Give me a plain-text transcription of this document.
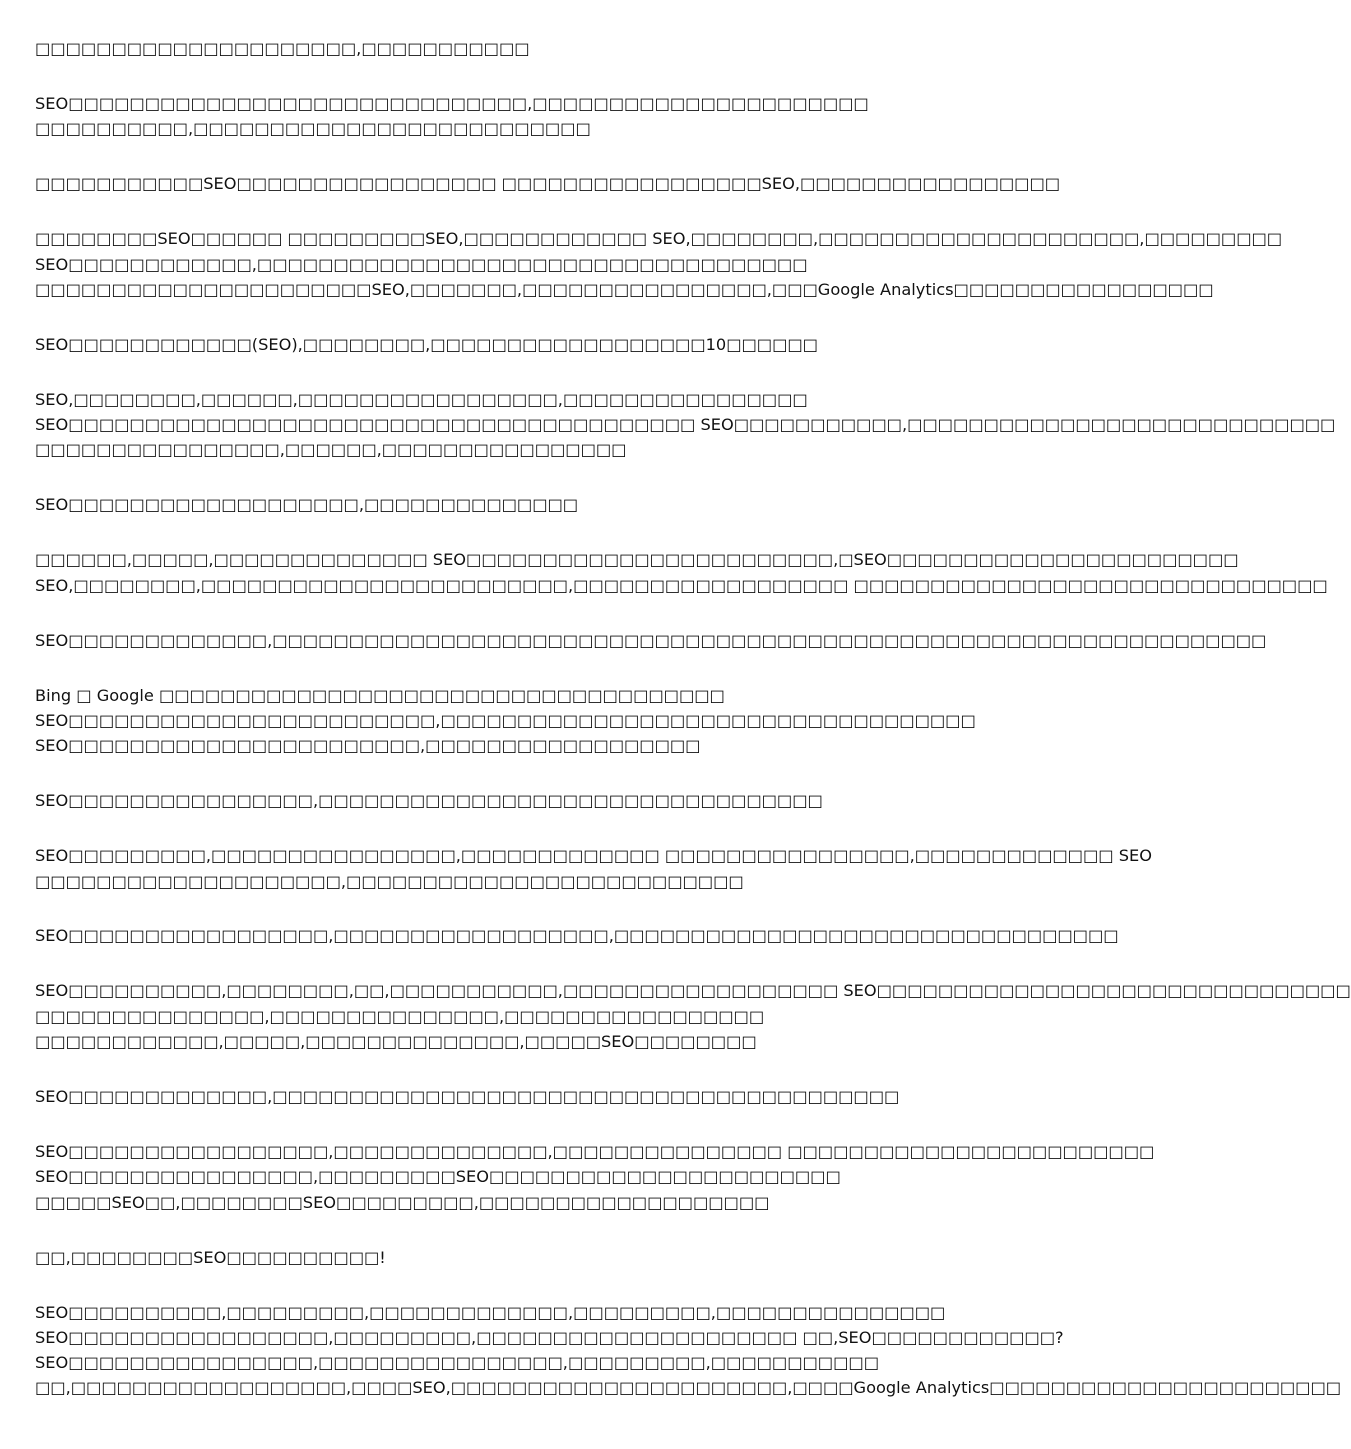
□□□□□□□□□□□□□□□□□□□□□,□□□□□□□□□□□
SEO□□□□□□□□□□□□□□□□□□□□□□□□□□□□□□,□□□□□□□□□□□□□□□□□□□□□□
□□□□□□□□□□,□□□□□□□□□□□□□□□□□□□□□□□□□□
□□□□□□□□□□□SEO□□□□□□□□□□□□□□□□□ □□□□□□□□□□□□□□□□□SEO,□□□□□□□□□□□□□□□□□
□□□□□□□□SEO□□□□□□ □□□□□□□□□SEO,□□□□□□□□□□□□ SEO,□□□□□□□□,□□□□□□□□□□□□□□□□□□□□□,□□□□□□□□□
SEO□□□□□□□□□□□□,□□□□□□□□□□□□□□□□□□□□□□□□□□□□□□□□□□□□
□□□□□□□□□□□□□□□□□□□□□□SEO,□□□□□□□,□□□□□□□□□□□□□□□□,□□□Google Analytics□□□□□□□□□□□□□□□□□
SEO□□□□□□□□□□□□(SEO),□□□□□□□□,□□□□□□□□□□□□□□□□□□10□□□□□□
SEO,□□□□□□□□,□□□□□□,□□□□□□□□□□□□□□□□□,□□□□□□□□□□□□□□□□
SEO□□□□□□□□□□□□□□□□□□□□□□□□□□□□□□□□□□□□□□□□□ SEO□□□□□□□□□□□,□□□□□□□□□□□□□□□□□□□□□□□□□□□□
□□□□□□□□□□□□□□□□,□□□□□□,□□□□□□□□□□□□□□□□
SEO□□□□□□□□□□□□□□□□□□□,□□□□□□□□□□□□□□
□□□□□□,□□□□□,□□□□□□□□□□□□□□ SEO□□□□□□□□□□□□□□□□□□□□□□□□,□SEO□□□□□□□□□□□□□□□□□□□□□□□
SEO,□□□□□□□□,□□□□□□□□□□□□□□□□□□□□□□□□,□□□□□□□□□□□□□□□□□□ □□□□□□□□□□□□□□□□□□□□□□□□□□□□□□□
SEO□□□□□□□□□□□□□,□□□□□□□□□□□□□□□□□□□□□□□□□□□□□□□□□□□□□□□□□□□□□□□□□□□□□□□□□□□□□□□□□
Bing □ Google □□□□□□□□□□□□□□□□□□□□□□□□□□□□□□□□□□□□□
SEO□□□□□□□□□□□□□□□□□□□□□□□□,□□□□□□□□□□□□□□□□□□□□□□□□□□□□□□□□□□□
SEO□□□□□□□□□□□□□□□□□□□□□□□,□□□□□□□□□□□□□□□□□□
SEO□□□□□□□□□□□□□□□□,□□□□□□□□□□□□□□□□□□□□□□□□□□□□□□□□□
SEO□□□□□□□□□,□□□□□□□□□□□□□□□□,□□□□□□□□□□□□□ □□□□□□□□□□□□□□□□,□□□□□□□□□□□□□ SEO
□□□□□□□□□□□□□□□□□□□□,□□□□□□□□□□□□□□□□□□□□□□□□□□
SEO□□□□□□□□□□□□□□□□□,□□□□□□□□□□□□□□□□□□,□□□□□□□□□□□□□□□□□□□□□□□□□□□□□□□□□
SEO□□□□□□□□□□,□□□□□□□□,□□,□□□□□□□□□□□,□□□□□□□□□□□□□□□□□□ SEO□□□□□□□□□□□□□□□□□□□□□□□□□□□□□□□
□□□□□□□□□□□□□□□,□□□□□□□□□□□□□□□,□□□□□□□□□□□□□□□□□
□□□□□□□□□□□□,□□□□□,□□□□□□□□□□□□□□,□□□□□SEO□□□□□□□□
SEO□□□□□□□□□□□□□,□□□□□□□□□□□□□□□□□□□□□□□□□□□□□□□□□□□□□□□□□
SEO□□□□□□□□□□□□□□□□□,□□□□□□□□□□□□□□,□□□□□□□□□□□□□□□ □□□□□□□□□□□□□□□□□□□□□□□□
SEO□□□□□□□□□□□□□□□□,□□□□□□□□□SEO□□□□□□□□□□□□□□□□□□□□□□□
□□□□□SEO□□,□□□□□□□□SEO□□□□□□□□□,□□□□□□□□□□□□□□□□□□□
□□,□□□□□□□□SEO□□□□□□□□□□!
SEO□□□□□□□□□□,□□□□□□□□□,□□□□□□□□□□□□□,□□□□□□□□□,□□□□□□□□□□□□□□□
SEO□□□□□□□□□□□□□□□□□,□□□□□□□□□,□□□□□□□□□□□□□□□□□□□□□ □□,SEO□□□□□□□□□□□□?
SEO□□□□□□□□□□□□□□□□,□□□□□□□□□□□□□□□□,□□□□□□□□□,□□□□□□□□□□□
□□,□□□□□□□□□□□□□□□□□□,□□□□SEO,□□□□□□□□□□□□□□□□□□□□□□,□□□□Google Analytics□□□□□□□□□□□□□□□□□□□□□□□
